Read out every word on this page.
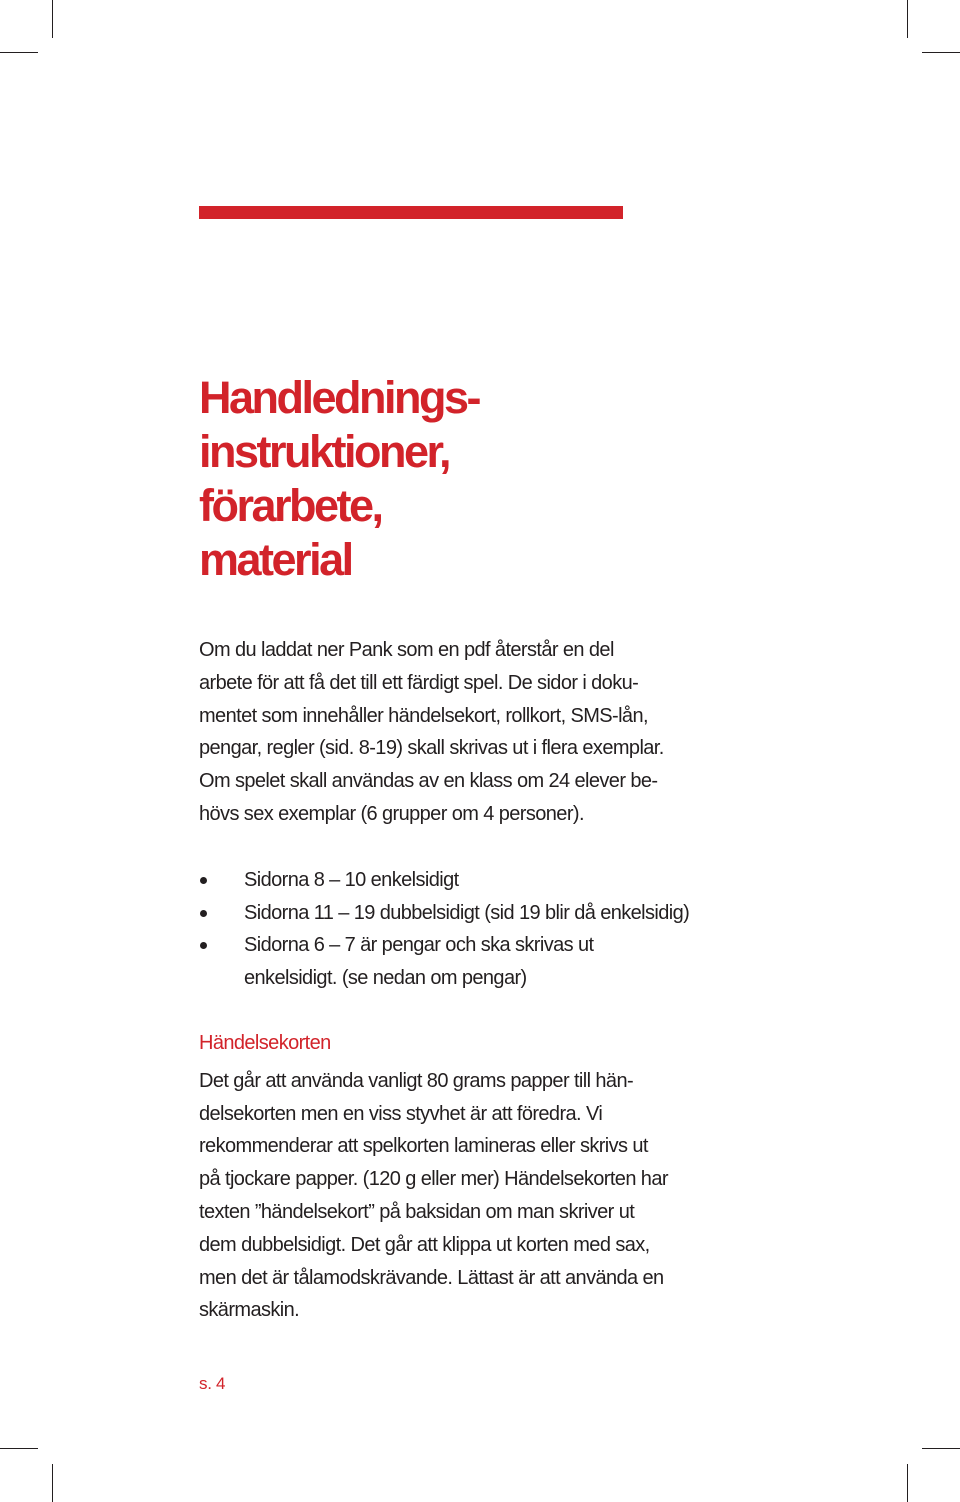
Handlednings-
instruktioner,
förarbete,
material

Om du laddat ner Pank som en pdf återstår en del
arbete för att få det till ett färdigt spel. De sidor i doku-
mentet som innehåller händelsekort, rollkort, SMS-lån,
pengar, regler (sid. 8-19) skall skrivas ut i flera exemplar.
Om spelet skall användas av en klass om 24 elever be-
hövs sex exemplar (6 grupper om 4 personer).

Sidorna 8 – 10 enkelsidigt
Sidorna 11 – 19 dubbelsidigt (sid 19 blir då enkelsidig)
Sidorna 6 – 7 är pengar och ska skrivas ut
enkelsidigt. (se nedan om pengar)
Händelsekorten

Det går att använda vanligt 80 grams papper till hän-
delsekorten men en viss styvhet är att föredra. Vi
rekommenderar att spelkorten lamineras eller skrivs ut
på tjockare papper. (120 g eller mer) Händelsekorten har
texten ”händelsekort” på baksidan om man skriver ut
dem dubbelsidigt. Det går att klippa ut korten med sax,
men det är tålamodskrävande. Lättast är att använda en
skärmaskin.

s. 4
